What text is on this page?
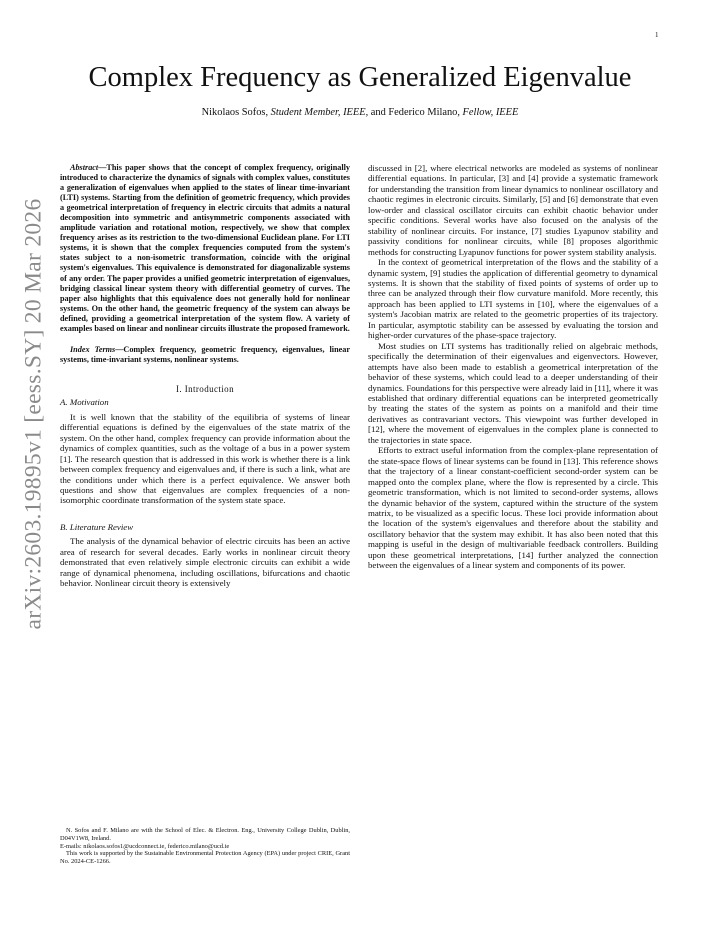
1
arXiv:2603.19895v1 [eess.SY] 20 Mar 2026
Complex Frequency as Generalized Eigenvalue
Nikolaos Sofos, Student Member, IEEE, and Federico Milano, Fellow, IEEE

Abstract—This paper shows that the concept of complex frequency, originally introduced to characterize the dynamics of signals with complex values, constitutes a generalization of eigenvalues when applied to the states of linear time-invariant (LTI) systems. Starting from the definition of geometric frequency, which provides a geometrical interpretation of frequency in electric circuits that admits a natural decomposition into symmetric and antisymmetric components associated with amplitude variation and rotational motion, respectively, we show that complex frequency arises as its restriction to the two-dimensional Euclidean plane. For LTI systems, it is shown that the complex frequencies computed from the system's states subject to a non-isometric transformation, coincide with the original system's eigenvalues. This equivalence is demonstrated for diagonalizable systems of any order. The paper provides a unified geometric interpretation of eigenvalues, bridging classical linear system theory with differential geometry of curves. The paper also highlights that this equivalence does not generally hold for nonlinear systems. On the other hand, the geometric frequency of the system can always be defined, providing a geometrical interpretation of the system flow. A variety of examples based on linear and nonlinear circuits illustrate the proposed framework.

Index Terms—Complex frequency, geometric frequency, eigenvalues, linear systems, time-invariant systems, nonlinear systems.

I. Introduction
A. Motivation

It is well known that the stability of the equilibria of systems of linear differential equations is defined by the eigenvalues of the state matrix of the system. On the other hand, complex frequency can provide information about the dynamics of complex quantities, such as the voltage of a bus in a power system [1]. The research question that is addressed in this work is whether there is a link between complex frequency and eigenvalues and, if there is such a link, what are the conditions under which there is a perfect equivalence. We answer both questions and show that eigenvalues are complex frequencies of a non-isomorphic coordinate transformation of the system state space.

B. Literature Review

The analysis of the dynamical behavior of electric circuits has been an active area of research for several decades. Early works in nonlinear circuit theory demonstrated that even relatively simple electronic circuits can exhibit a wide range of dynamical phenomena, including oscillations, bifurcations and chaotic behavior. Nonlinear circuit theory is extensively

N. Sofos and F. Milano are with the School of Elec. & Electron. Eng., University College Dublin, Dublin, D04V1W8, Ireland.

E-mails: nikolaos.sofos1@ucdconnect.ie, federico.milano@ucd.ie

This work is supported by the Sustainable Environmental Protection Agency (EPA) under project CRIE, Grant No. 2024-CE-1266.

discussed in [2], where electrical networks are modeled as systems of nonlinear differential equations. In particular, [3] and [4] provide a systematic framework for understanding the transition from linear dynamics to nonlinear oscillatory and chaotic regimes in electronic circuits. Similarly, [5] and [6] demonstrate that even low-order and classical oscillator circuits can exhibit chaotic behavior under specific conditions. Several works have also focused on the analysis of the stability of nonlinear circuits. For instance, [7] studies Lyapunov stability and passivity conditions for nonlinear circuits, while [8] proposes algorithmic methods for constructing Lyapunov functions for power system stability analysis.

In the context of geometrical interpretation of the flows and the stability of a dynamic system, [9] studies the application of differential geometry to dynamical systems. It is shown that the stability of fixed points of systems of order up to three can be analyzed through their flow curvature manifold. More recently, this approach has been applied to LTI systems in [10], where the eigenvalues of a system's Jacobian matrix are related to the geometric properties of its trajectory. In particular, asymptotic stability can be assessed by evaluating the torsion and higher-order curvatures of the phase-space trajectory.

Most studies on LTI systems has traditionally relied on algebraic methods, specifically the determination of their eigenvalues and eigenvectors. However, attempts have also been made to establish a geometrical interpretation of the behavior of these systems, which could lead to a deeper understanding of their dynamics. Foundations for this perspective were already laid in [11], where it was established that ordinary differential equations can be interpreted geometrically by treating the states of the system as points on a manifold and their time derivatives as contravariant vectors. This viewpoint was further developed in [12], where the movement of eigenvalues in the complex plane is connected to the trajectories in state space.

Efforts to extract useful information from the complex-plane representation of the state-space flows of linear systems can be found in [13]. This reference shows that the trajectory of a linear constant-coefficient second-order system can be mapped onto the complex plane, where the flow is represented by a circle. This geometric transformation, which is not limited to second-order systems, allows the dynamic behavior of the system, captured within the structure of the system matrix, to be visualized as a specific locus. These loci provide information about the location of the system's eigenvalues and therefore about the stability and oscillatory behavior that the system may exhibit. It has also been noted that this mapping is useful in the design of multivariable feedback controllers. Building upon these geometrical interpretations, [14] further analyzed the connection between the eigenvalues of a linear system and components of its power.
